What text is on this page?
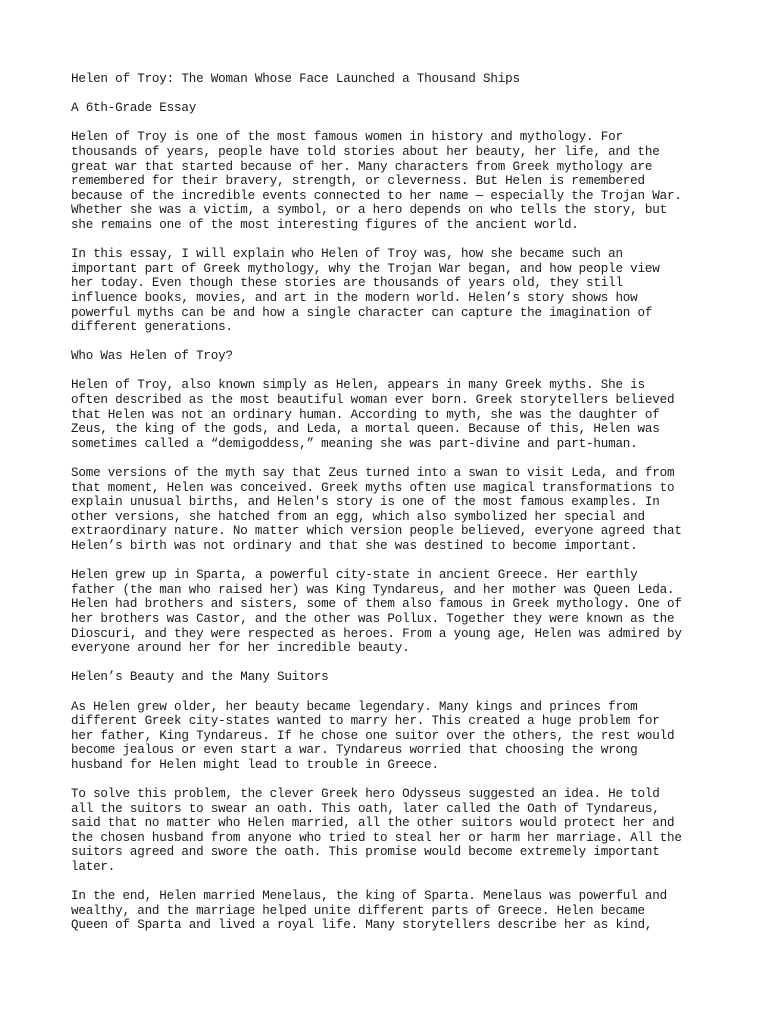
Helen of Troy: The Woman Whose Face Launched a Thousand Ships
A 6th-Grade Essay
Helen of Troy is one of the most famous women in history and mythology. For
thousands of years, people have told stories about her beauty, her life, and the
great war that started because of her. Many characters from Greek mythology are
remembered for their bravery, strength, or cleverness. But Helen is remembered
because of the incredible events connected to her name — especially the Trojan War.
Whether she was a victim, a symbol, or a hero depends on who tells the story, but
she remains one of the most interesting figures of the ancient world.
In this essay, I will explain who Helen of Troy was, how she became such an
important part of Greek mythology, why the Trojan War began, and how people view
her today. Even though these stories are thousands of years old, they still
influence books, movies, and art in the modern world. Helen’s story shows how
powerful myths can be and how a single character can capture the imagination of
different generations.
Who Was Helen of Troy?
Helen of Troy, also known simply as Helen, appears in many Greek myths. She is
often described as the most beautiful woman ever born. Greek storytellers believed
that Helen was not an ordinary human. According to myth, she was the daughter of
Zeus, the king of the gods, and Leda, a mortal queen. Because of this, Helen was
sometimes called a “demigoddess,” meaning she was part-divine and part-human.
Some versions of the myth say that Zeus turned into a swan to visit Leda, and from
that moment, Helen was conceived. Greek myths often use magical transformations to
explain unusual births, and Helen's story is one of the most famous examples. In
other versions, she hatched from an egg, which also symbolized her special and
extraordinary nature. No matter which version people believed, everyone agreed that
Helen’s birth was not ordinary and that she was destined to become important.
Helen grew up in Sparta, a powerful city-state in ancient Greece. Her earthly
father (the man who raised her) was King Tyndareus, and her mother was Queen Leda.
Helen had brothers and sisters, some of them also famous in Greek mythology. One of
her brothers was Castor, and the other was Pollux. Together they were known as the
Dioscuri, and they were respected as heroes. From a young age, Helen was admired by
everyone around her for her incredible beauty.
Helen’s Beauty and the Many Suitors
As Helen grew older, her beauty became legendary. Many kings and princes from
different Greek city-states wanted to marry her. This created a huge problem for
her father, King Tyndareus. If he chose one suitor over the others, the rest would
become jealous or even start a war. Tyndareus worried that choosing the wrong
husband for Helen might lead to trouble in Greece.
To solve this problem, the clever Greek hero Odysseus suggested an idea. He told
all the suitors to swear an oath. This oath, later called the Oath of Tyndareus,
said that no matter who Helen married, all the other suitors would protect her and
the chosen husband from anyone who tried to steal her or harm her marriage. All the
suitors agreed and swore the oath. This promise would become extremely important
later.
In the end, Helen married Menelaus, the king of Sparta. Menelaus was powerful and
wealthy, and the marriage helped unite different parts of Greece. Helen became
Queen of Sparta and lived a royal life. Many storytellers describe her as kind,
